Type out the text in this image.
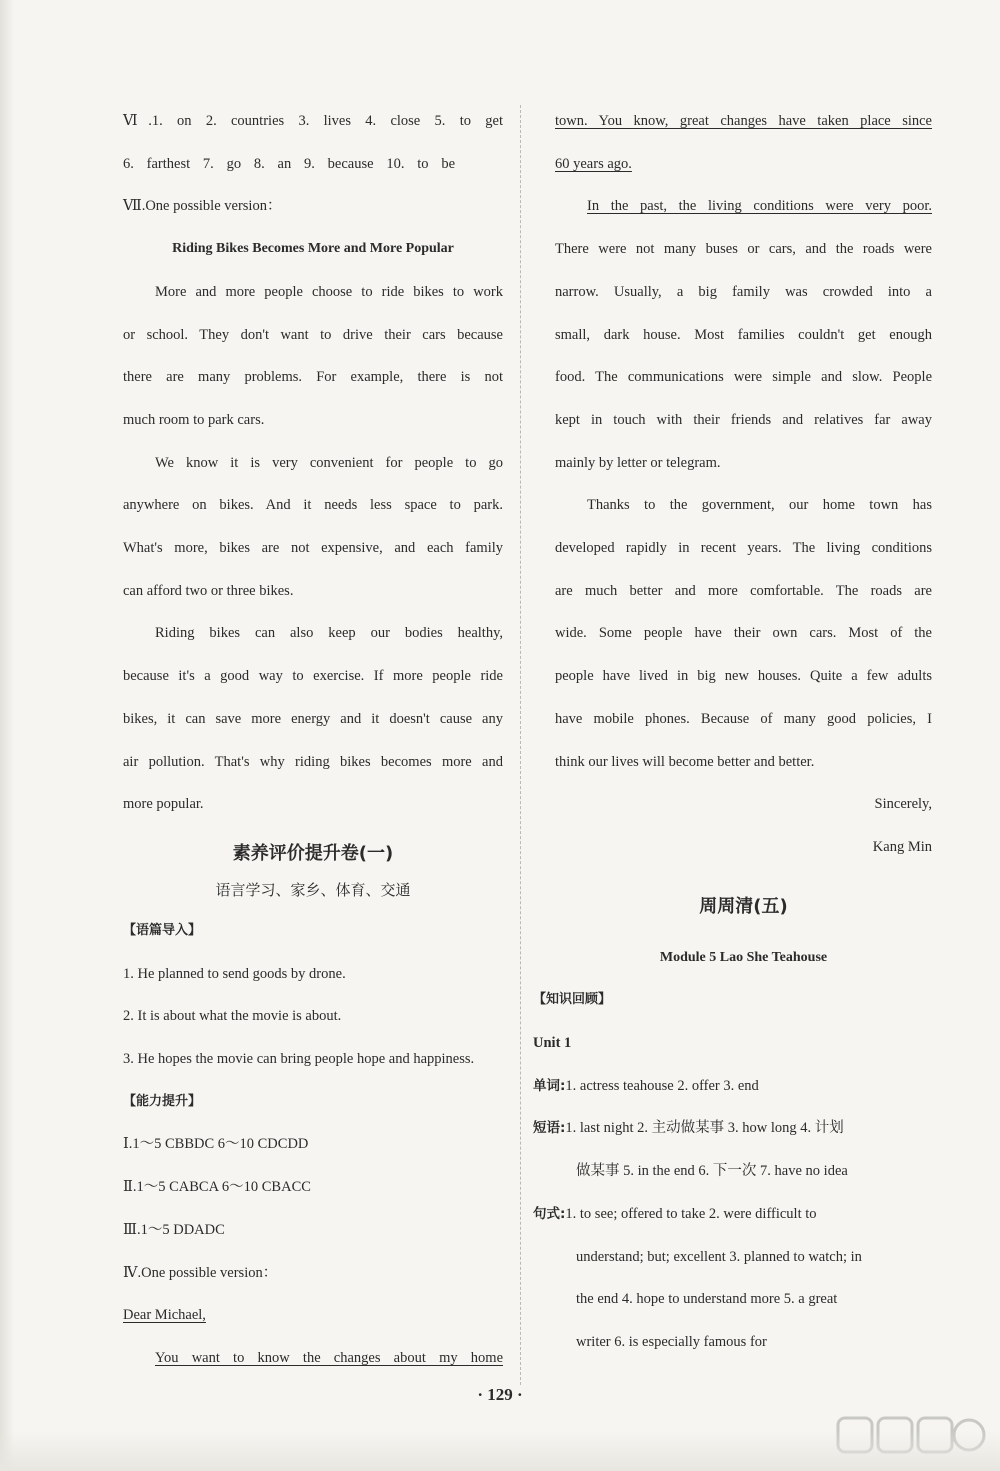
Ⅵ.1. on 2. countries 3. lives 4. close 5. to get
6. farthest 7. go 8. an 9. because 10. to be
Ⅶ.One possible version：
Riding Bikes Becomes More and More Popular
More and more people choose to ride bikes to work
or school. They don't want to drive their cars because
there are many problems. For example, there is not
much room to park cars.
We know it is very convenient for people to go
anywhere on bikes. And it needs less space to park.
What's more, bikes are not expensive, and each family
can afford two or three bikes.
Riding bikes can also keep our bodies healthy,
because it's a good way to exercise. If more people ride
bikes, it can save more energy and it doesn't cause any
air pollution. That's why riding bikes becomes more and
more popular.
素养评价提升卷(一)
语言学习、家乡、体育、交通
【语篇导入】
1. He planned to send goods by drone.
2. It is about what the movie is about.
3. He hopes the movie can bring people hope and happiness.
【能力提升】
Ⅰ.1～5 CBBDC 6～10 CDCDD
Ⅱ.1～5 CABCA 6～10 CBACC
Ⅲ.1～5 DDADC
Ⅳ.One possible version：
Dear Michael,
You want to know the changes about my home
town. You know, great changes have taken place since
60 years ago.
In the past, the living conditions were very poor.
There were not many buses or cars, and the roads were
narrow. Usually, a big family was crowded into a
small, dark house. Most families couldn't get enough
food. The communications were simple and slow. People
kept in touch with their friends and relatives far away
mainly by letter or telegram.
Thanks to the government, our home town has
developed rapidly in recent years. The living conditions
are much better and more comfortable. The roads are
wide. Some people have their own cars. Most of the
people have lived in big new houses. Quite a few adults
have mobile phones. Because of many good policies, I
think our lives will become better and better.
Sincerely,
Kang Min
周周清(五)
Module 5 Lao She Teahouse
【知识回顾】
Unit 1
单词:1. actress teahouse 2. offer 3. end
短语:1. last night 2. 主动做某事 3. how long 4. 计划
做某事 5. in the end 6. 下一次 7. have no idea
句式:1. to see; offered to take 2. were difficult to
understand; but; excellent 3. planned to watch; in
the end 4. hope to understand more 5. a great
writer 6. is especially famous for
· 129 ·
